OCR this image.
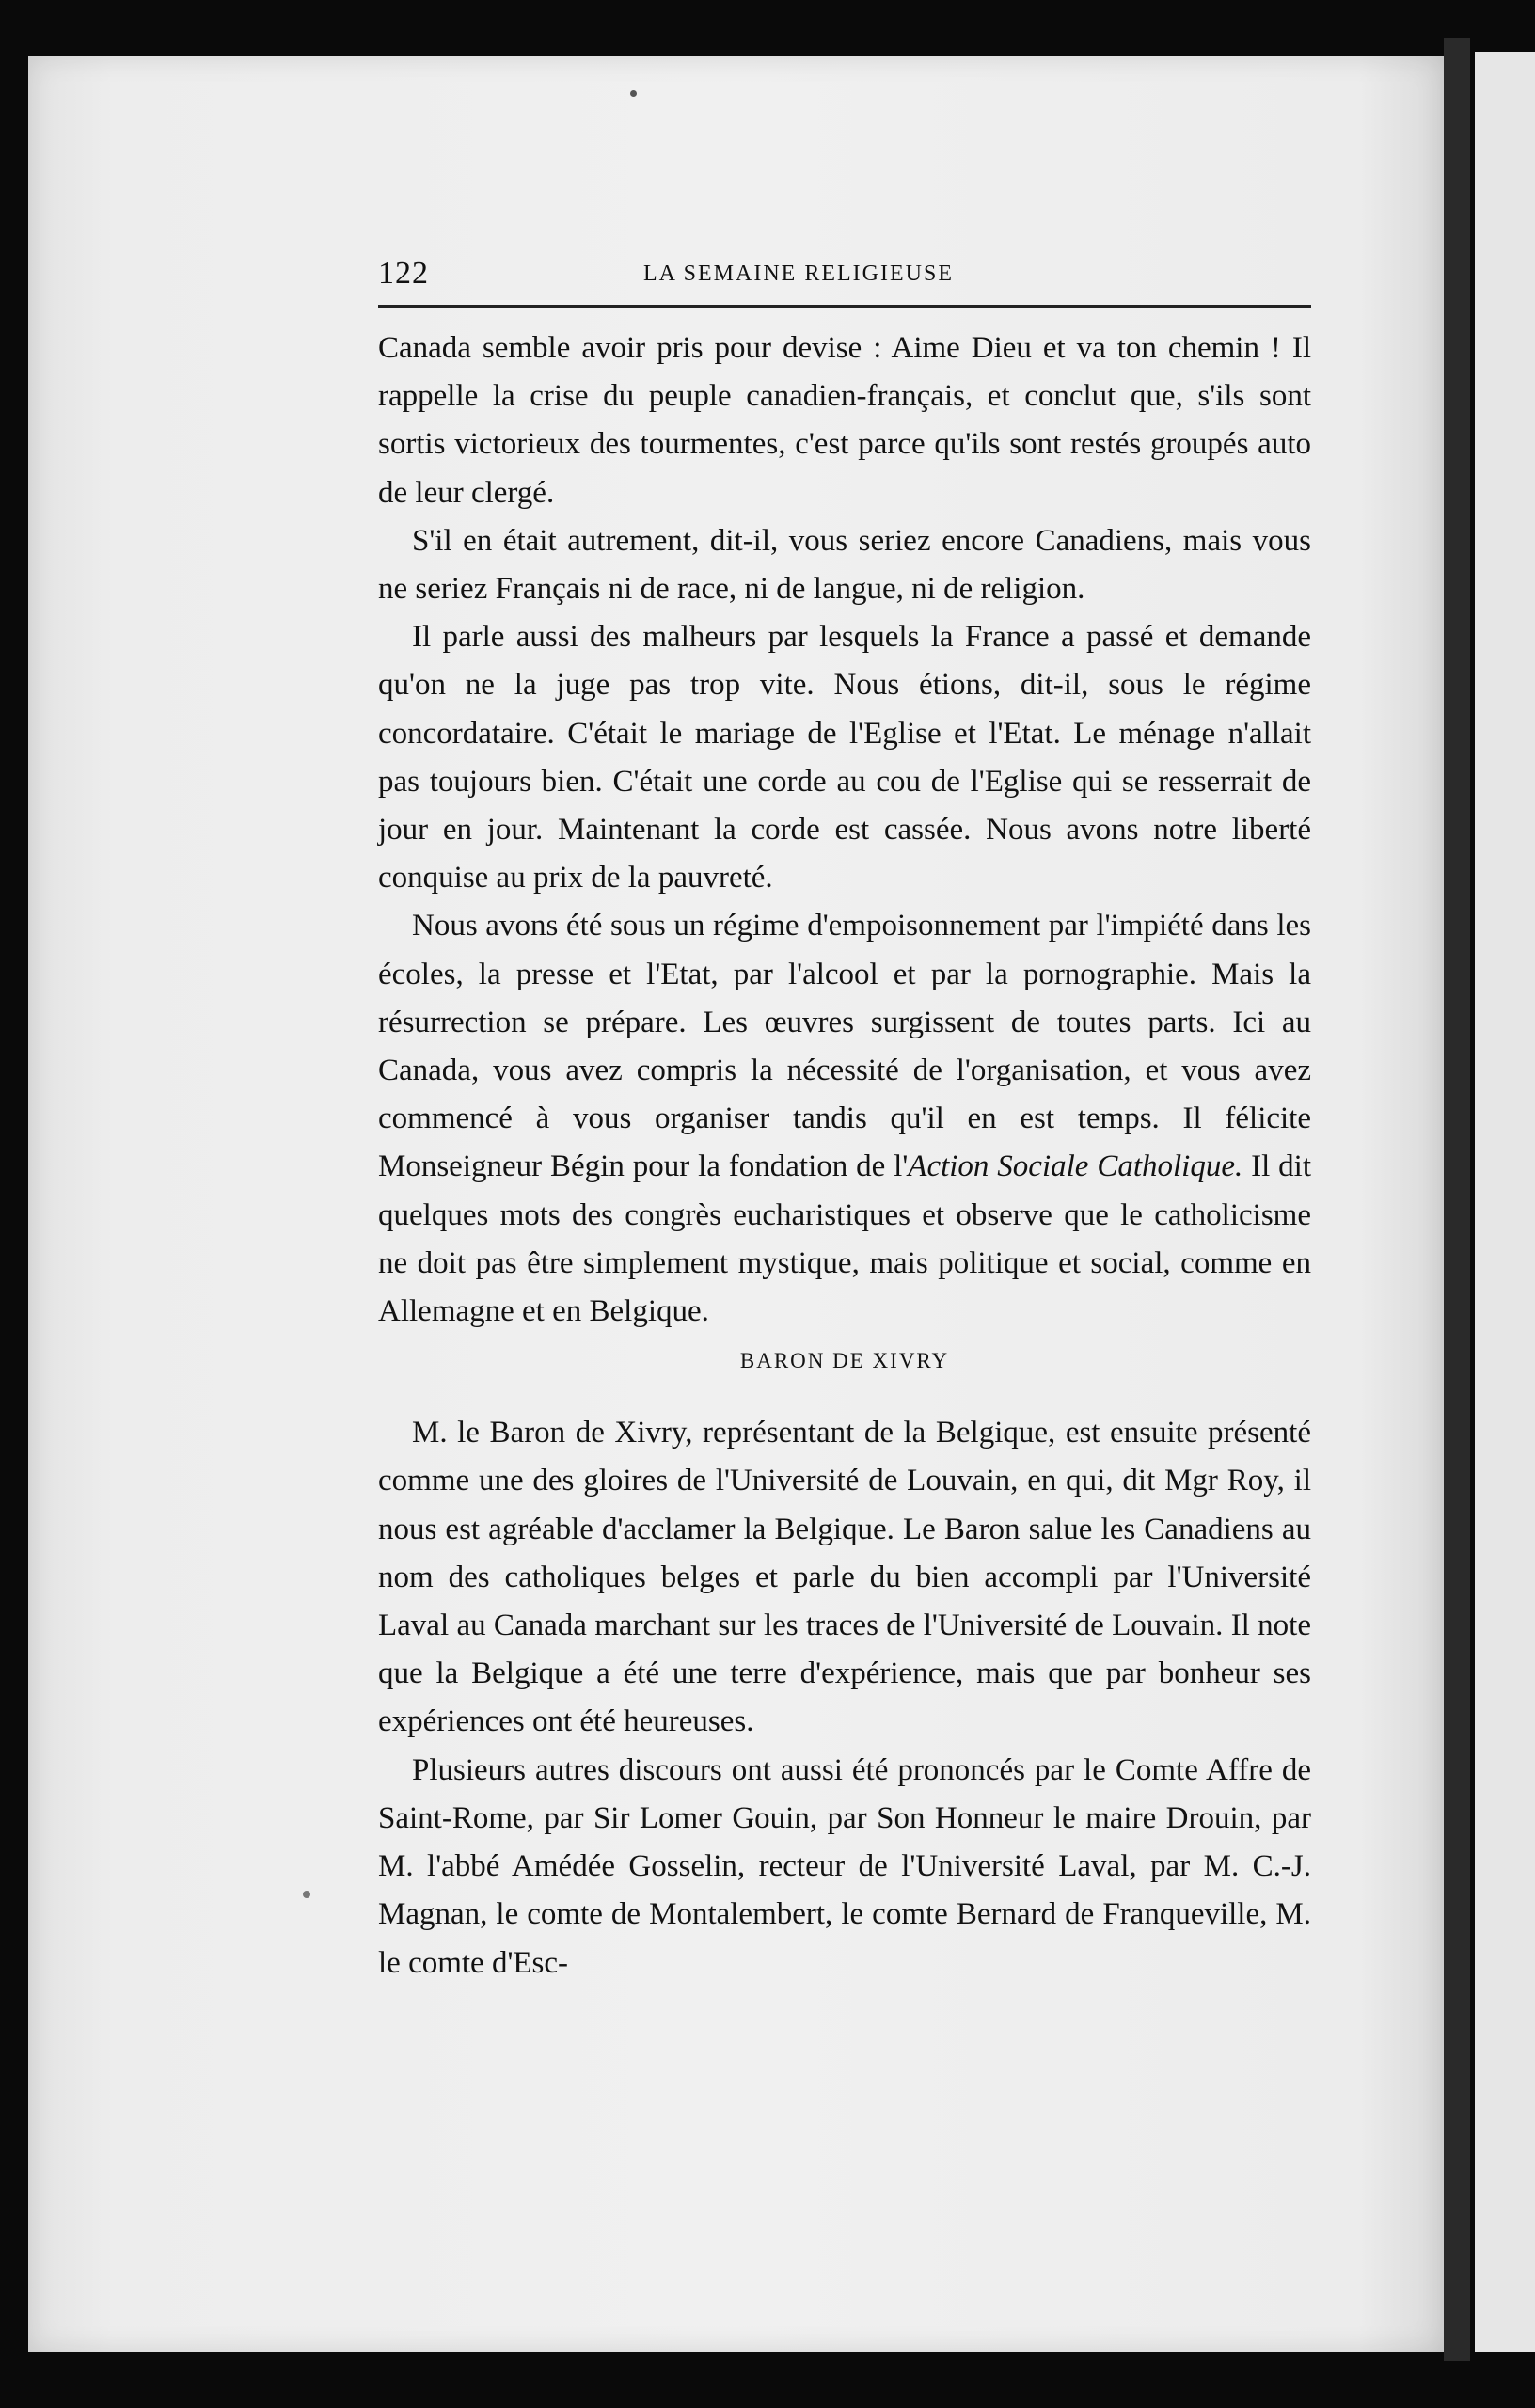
122	LA SEMAINE RELIGIEUSE

Canada semble avoir pris pour devise : Aime Dieu et va ton chemin ! Il rappelle la crise du peuple canadien-français, et conclut que, s'ils sont sortis victorieux des tourmentes, c'est parce qu'ils sont restés groupés auto de leur clergé.

S'il en était autrement, dit-il, vous seriez encore Canadiens, mais vous ne seriez Français ni de race, ni de langue, ni de religion.

Il parle aussi des malheurs par lesquels la France a passé et demande qu'on ne la juge pas trop vite. Nous étions, dit-il, sous le régime concordataire. C'était le mariage de l'Eglise et l'Etat. Le ménage n'allait pas toujours bien. C'était une corde au cou de l'Eglise qui se resserrait de jour en jour. Maintenant la corde est cassée. Nous avons notre liberté conquise au prix de la pauvreté.

Nous avons été sous un régime d'empoisonnement par l'impiété dans les écoles, la presse et l'Etat, par l'alcool et par la pornographie. Mais la résurrection se prépare. Les œuvres surgissent de toutes parts. Ici au Canada, vous avez compris la nécessité de l'organisation, et vous avez commencé à vous organiser tandis qu'il en est temps. Il félicite Monseigneur Bégin pour la fondation de l'Action Sociale Catholique. Il dit quelques mots des congrès eucharistiques et observe que le catholicisme ne doit pas être simplement mystique, mais politique et social, comme en Allemagne et en Belgique.

BARON DE XIVRY

M. le Baron de Xivry, représentant de la Belgique, est ensuite présenté comme une des gloires de l'Université de Louvain, en qui, dit Mgr Roy, il nous est agréable d'acclamer la Belgique. Le Baron salue les Canadiens au nom des catholiques belges et parle du bien accompli par l'Université Laval au Canada marchant sur les traces de l'Université de Louvain. Il note que la Belgique a été une terre d'expérience, mais que par bonheur ses expériences ont été heureuses.

Plusieurs autres discours ont aussi été prononcés par le Comte Affre de Saint-Rome, par Sir Lomer Gouin, par Son Honneur le maire Drouin, par M. l'abbé Amédée Gosselin, recteur de l'Université Laval, par M. C.-J. Magnan, le comte de Montalembert, le comte Bernard de Franqueville, M. le comte d'Esc-
